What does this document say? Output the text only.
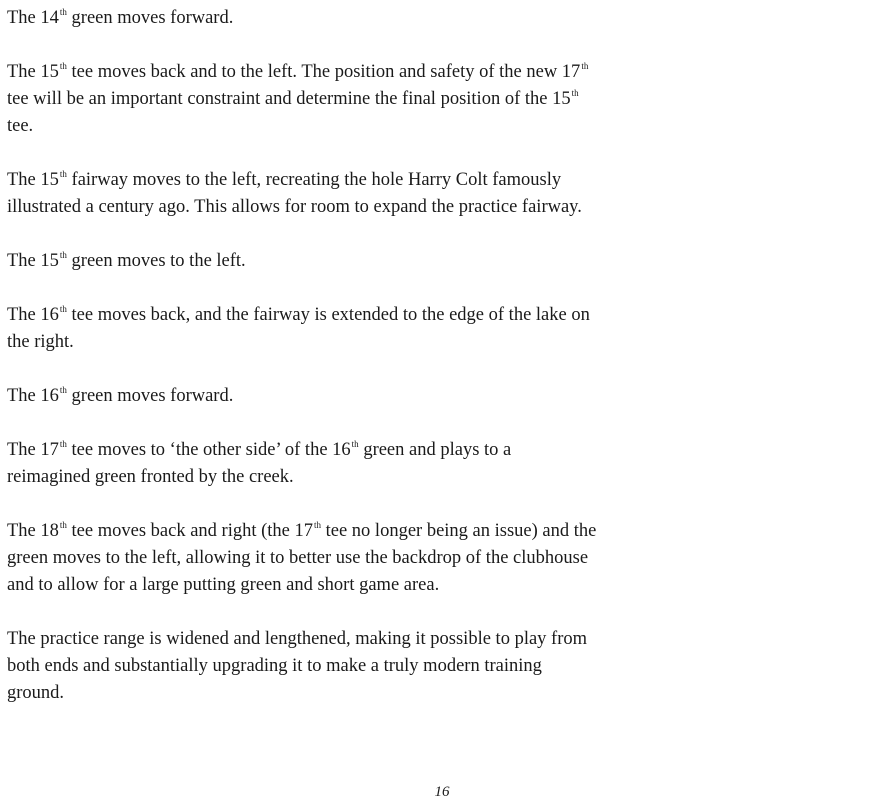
The 14th green moves forward.

The 15th tee moves back and to the left. The position and safety of the new 17th
tee will be an important constraint and determine the final position of the 15th
tee.

The 15th fairway moves to the left, recreating the hole Harry Colt famously
illustrated a century ago. This allows for room to expand the practice fairway.

The 15th green moves to the left.

The 16th tee moves back, and the fairway is extended to the edge of the lake on
the right.

The 16th green moves forward.

The 17th tee moves to ‘the other side’ of the 16th green and plays to a
reimagined green fronted by the creek.

The 18th tee moves back and right (the 17th tee no longer being an issue) and the
green moves to the left, allowing it to better use the backdrop of the clubhouse
and to allow for a large putting green and short game area.

The practice range is widened and lengthened, making it possible to play from
both ends and substantially upgrading it to make a truly modern training
ground.

16
